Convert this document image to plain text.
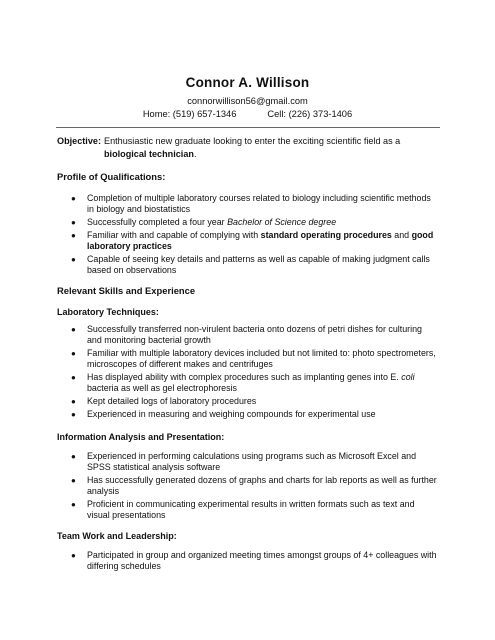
Connor A. Willison
connorwillison56@gmail.com
Home: (519) 657-1346	Cell: (226) 373-1406
Objective: Enthusiastic new graduate looking to enter the exciting scientific field as a biological technician.
Profile of Qualifications:
● Completion of multiple laboratory courses related to biology including scientific methods in biology and biostatistics
● Successfully completed a four year Bachelor of Science degree
● Familiar with and capable of complying with standard operating procedures and good laboratory practices
● Capable of seeing key details and patterns as well as capable of making judgment calls based on observations
Relevant Skills and Experience
Laboratory Techniques:
● Successfully transferred non-virulent bacteria onto dozens of petri dishes for culturing and monitoring bacterial growth
● Familiar with multiple laboratory devices included but not limited to: photo spectrometers, microscopes of different makes and centrifuges
● Has displayed ability with complex procedures such as implanting genes into E. coli bacteria as well as gel electrophoresis
● Kept detailed logs of laboratory procedures
● Experienced in measuring and weighing compounds for experimental use
Information Analysis and Presentation:
● Experienced in performing calculations using programs such as Microsoft Excel and SPSS statistical analysis software
● Has successfully generated dozens of graphs and charts for lab reports as well as further analysis
● Proficient in communicating experimental results in written formats such as text and visual presentations
Team Work and Leadership:
● Participated in group and organized meeting times amongst groups of 4+ colleagues with differing schedules
